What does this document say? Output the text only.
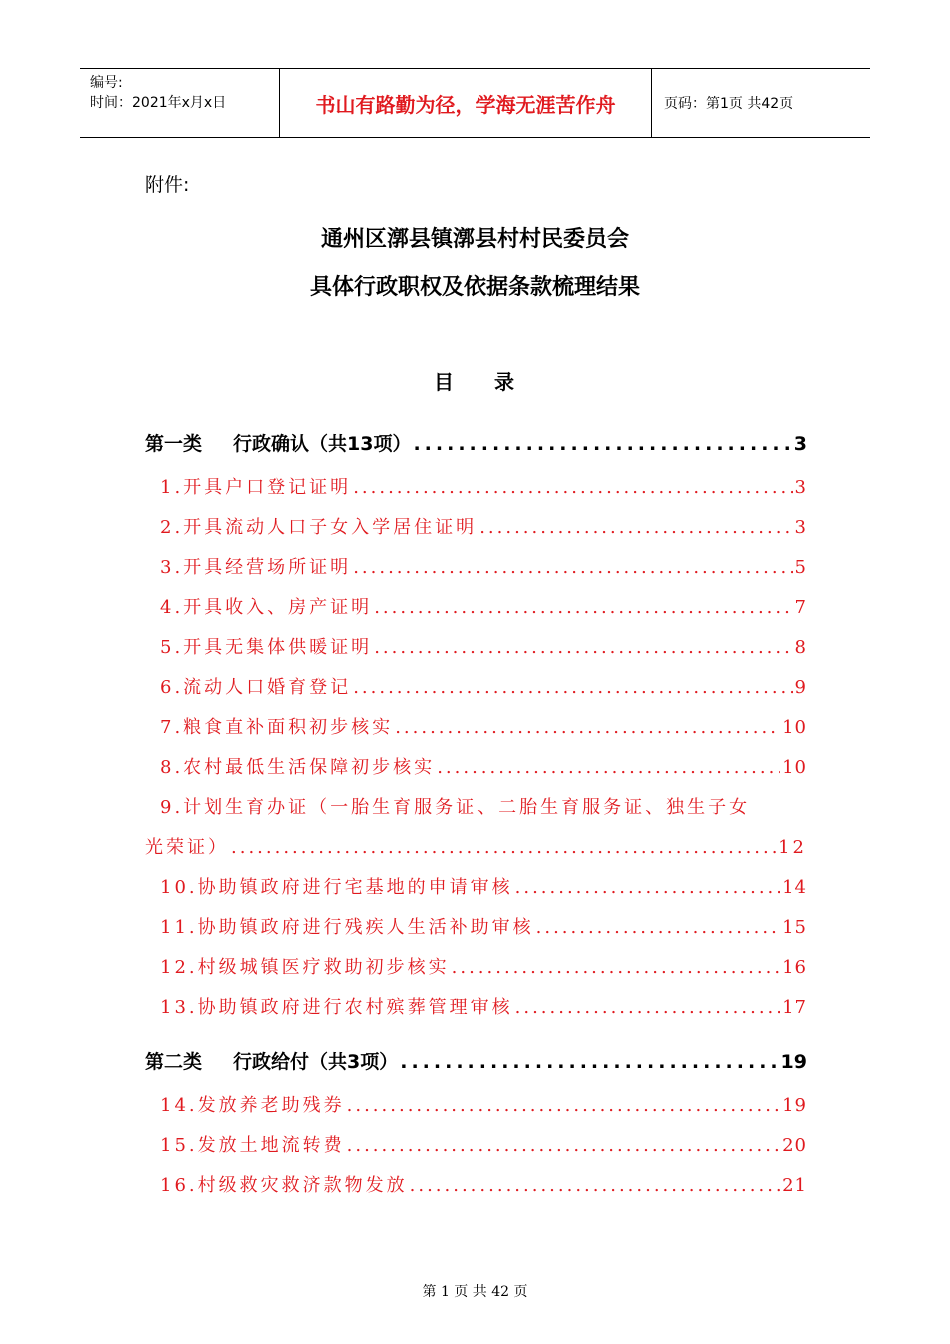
编号:
时间：2021年x月x日	书山有路勤为径，学海无涯苦作舟	页码：第1页 共42页
附件:
通州区漷县镇漷县村村民委员会
具体行政职权及依据条款梳理结果
目 录
第一类 行政确认（共13项） .....	3
1.开具户口登记证明 .....	3
2.开具流动人口子女入学居住证明 .....	3
3.开具经营场所证明 .....	5
4.开具收入、房产证明 .....	7
5.开具无集体供暖证明 .....	8
6.流动人口婚育登记 .....	9
7.粮食直补面积初步核实 .....	10
8.农村最低生活保障初步核实 .....	10
9.计划生育办证（一胎生育服务证、二胎生育服务证、独生子女
光荣证） .....	12
10.协助镇政府进行宅基地的申请审核 .....	14
11.协助镇政府进行残疾人生活补助审核 .....	15
12.村级城镇医疗救助初步核实 .....	16
13.协助镇政府进行农村殡葬管理审核 .....	17
第二类 行政给付（共3项） .....	19
14.发放养老助残券 .....	19
15.发放土地流转费 .....	20
16.村级救灾救济款物发放 .....	21
第 1 页 共 42 页
